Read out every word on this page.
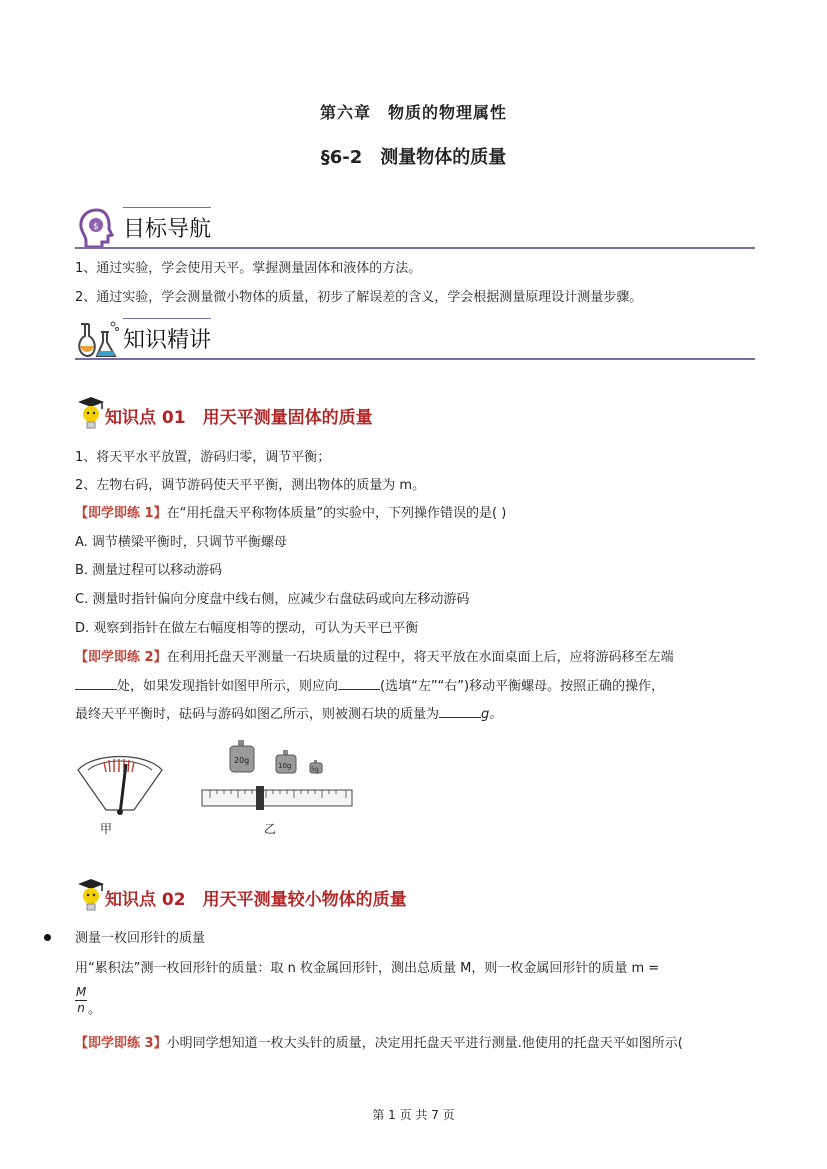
第六章　物质的物理属性
§6-2　测量物体的质量
$ 目标导航
1、通过实验，学会使用天平。掌握测量固体和液体的方法。
2、通过实验，学会测量微小物体的质量，初步了解误差的含义，学会根据测量原理设计测量步骤。
知识精讲
知识点 01　用天平测量固体的质量
1、将天平水平放置，游码归零，调节平衡；
2、左物右码，调节游码使天平平衡，测出物体的质量为 m。
【即学即练 1】在“用托盘天平称物体质量”的实验中，下列操作错误的是( )
A. 调节横梁平衡时，只调节平衡螺母
B. 测量过程可以移动游码
C. 测量时指针偏向分度盘中线右侧，应减少右盘砝码或向左移动游码
D. 观察到指针在做左右幅度相等的摆动，可认为天平已平衡
【即学即练 2】在利用托盘天平测量一石块质量的过程中，将天平放在水面桌面上后，应将游码移至左端
处，如果发现指针如图甲所示，则应向	(选填“左”“右”)移动平衡螺母。按照正确的操作，
最终天平平衡时，砝码与游码如图乙所示，则被测石块的质量为	g。
甲
20g
10g	5g
乙
知识点 02　用天平测量较小物体的质量
测量一枚回形针的质量
用“累积法”测一枚回形针的质量：取 n 枚金属回形针，测出总质量 M，则一枚金属回形针的质量 m =
$\frac{M}{n}$ 。
【即学即练 3】小明同学想知道一枚大头针的质量，决定用托盘天平进行测量.他使用的托盘天平如图所示(
第 1 页 共 7 页
